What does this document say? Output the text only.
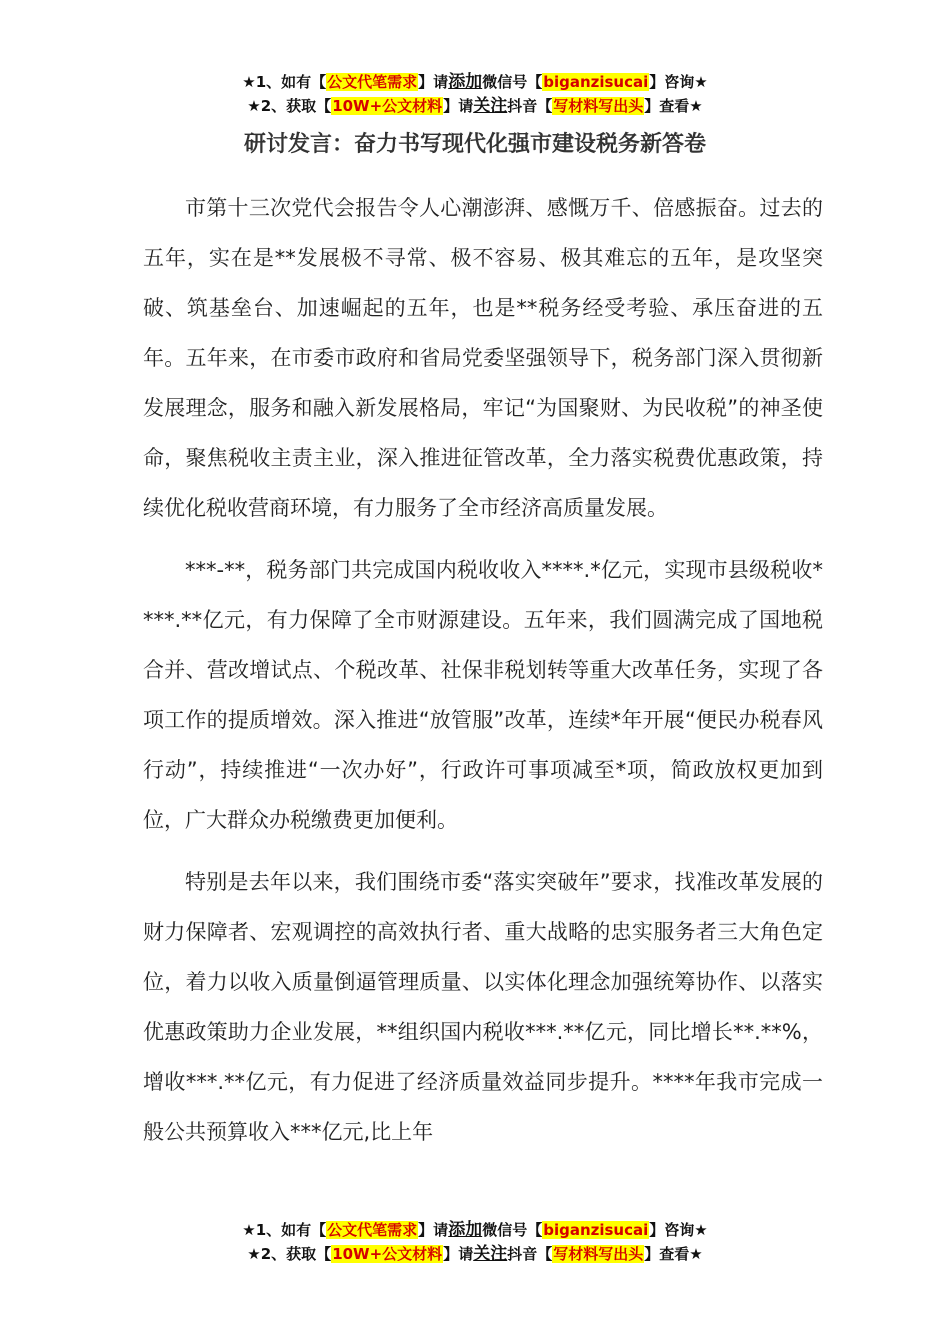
★1、如有【公文代笔需求】请添加微信号【biganzisucai】咨询★
★2、获取【10W+公文材料】请关注抖音【写材料写出头】查看★
研讨发言：奋力书写现代化强市建设税务新答卷

市第十三次党代会报告令人心潮澎湃、感慨万千、倍感振奋。过去的五年，实在是**发展极不寻常、极不容易、极其难忘的五年，是攻坚突破、筑基垒台、加速崛起的五年，也是**税务经受考验、承压奋进的五年。五年来，在市委市政府和省局党委坚强领导下，税务部门深入贯彻新发展理念，服务和融入新发展格局，牢记“为国聚财、为民收税”的神圣使命，聚焦税收主责主业，深入推进征管改革，全力落实税费优惠政策，持续优化税收营商环境，有力服务了全市经济高质量发展。

***-**，税务部门共完成国内税收收入****.*亿元，实现市县级税收****.**亿元，有力保障了全市财源建设。五年来，我们圆满完成了国地税合并、营改增试点、个税改革、社保非税划转等重大改革任务，实现了各项工作的提质增效。深入推进“放管服”改革，连续*年开展“便民办税春风行动”，持续推进“一次办好”，行政许可事项减至*项，简政放权更加到位，广大群众办税缴费更加便利。

特别是去年以来，我们围绕市委“落实突破年”要求，找准改革发展的财力保障者、宏观调控的高效执行者、重大战略的忠实服务者三大角色定位，着力以收入质量倒逼管理质量、以实体化理念加强统筹协作、以落实优惠政策助力企业发展，**组织国内税收***.**亿元，同比增长**.**%，增收***.**亿元，有力促进了经济质量效益同步提升。****年我市完成一般公共预算收入***亿元,比上年

★1、如有【公文代笔需求】请添加微信号【biganzisucai】咨询★
★2、获取【10W+公文材料】请关注抖音【写材料写出头】查看★
